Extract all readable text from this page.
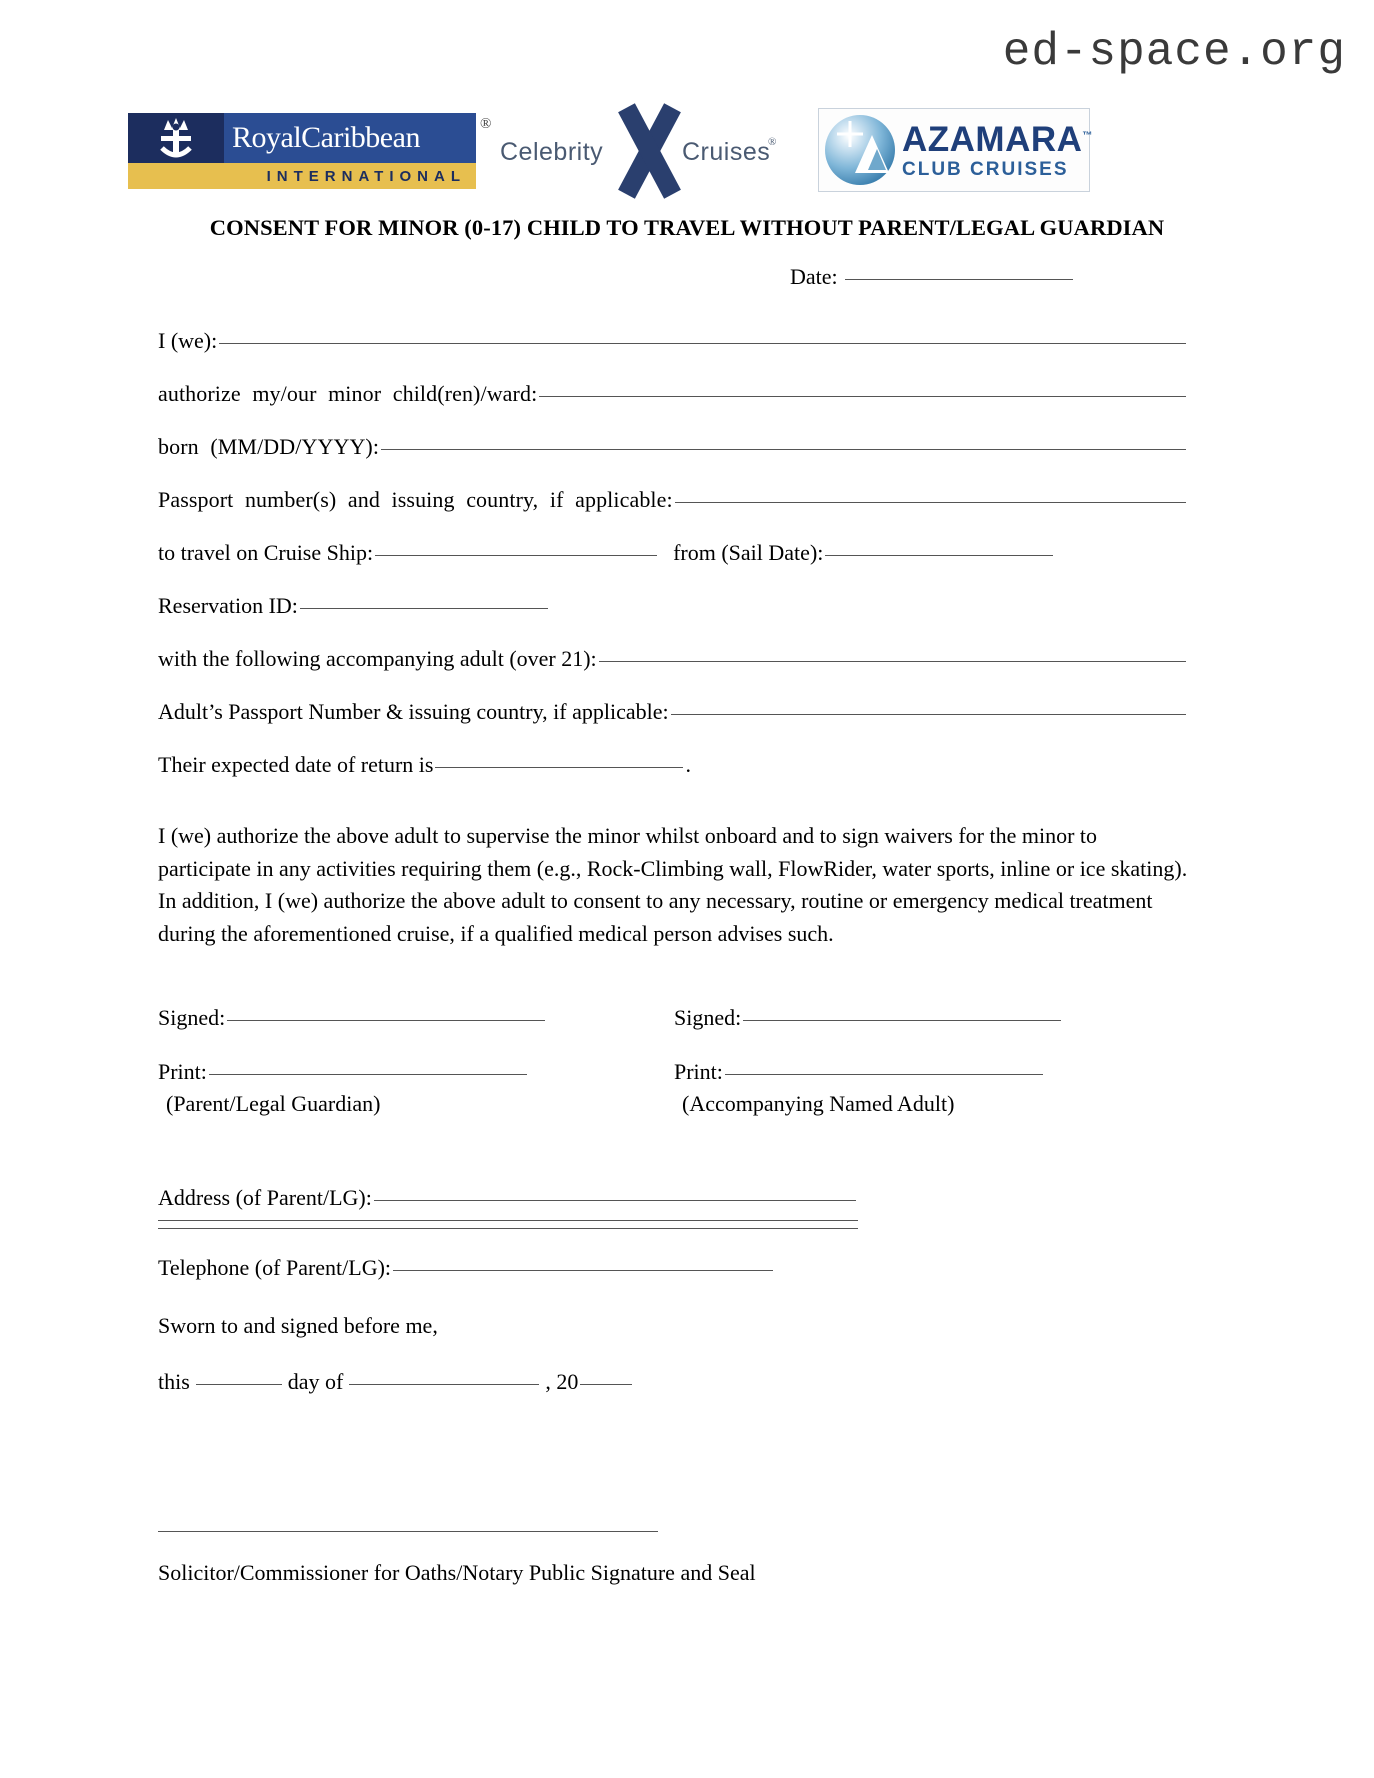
ed-space.org
RoyalCaribbean
INTERNATIONAL
®
Celebrity	Cruises
®	AZAMARA™
CLUB CRUISES
CONSENT FOR MINOR (0-17) CHILD TO TRAVEL WITHOUT PARENT/LEGAL GUARDIAN
Date:
I (we):
authorize my/our minor child(ren)/ward:
born (MM/DD/YYYY):
Passport number(s) and issuing country, if applicable:
to travel on Cruise Ship:	from (Sail Date):
Reservation ID:
with the following accompanying adult (over 21):
Adult’s Passport Number & issuing country, if applicable:
Their expected date of return is	.
I (we) authorize the above adult to supervise the minor whilst onboard and to sign waivers for the minor to participate in any activities requiring them (e.g., Rock-Climbing wall, FlowRider, water sports, inline or ice skating). In addition, I (we) authorize the above adult to consent to any necessary, routine or emergency medical treatment during the aforementioned cruise, if a qualified medical person advises such.
Signed:
Print:
(Parent/Legal Guardian)
Signed:
Print:
(Accompanying Named Adult)
Address (of Parent/LG):
Telephone (of Parent/LG):
Sworn to and signed before me,
this	day of	, 20
Solicitor/Commissioner for Oaths/Notary Public Signature and Seal
